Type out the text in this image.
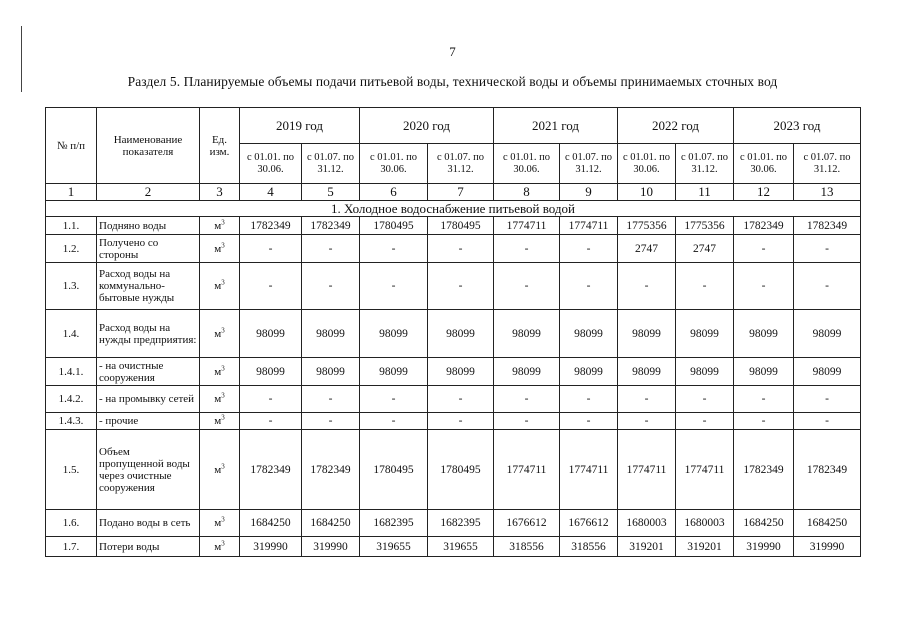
7
Раздел 5. Планируемые объемы подачи питьевой воды, технической воды и объемы принимаемых сточных вод
№ п/п	Наименование показателя	Ед. изм.	2019 год		2020 год		2021 год		2022 год		2023 год	
			с 01.01. по 30.06.	с 01.07. по 31.12.	с 01.01. по 30.06.	с 01.07. по 31.12.	с 01.01. по 30.06.	с 01.07. по 31.12.	с 01.01. по 30.06.	с 01.07. по 31.12.	с 01.01. по 30.06.	с 01.07. по 31.12.
1	2	3	4	5	6	7	8	9	10	11	12	13
1. Холодное водоснабжение питьевой водой												
1.1.	Подняно воды	$м^3$	1782349	1782349	1780495	1780495	1774711	1774711	1775356	1775356	1782349	1782349
1.2.	Получено со стороны	$м^3$	-	-	-	-	-	-	2747	2747	-	-
1.3.	Расход воды на коммунально-бытовые нужды	$м^3$	-	-	-	-	-	-	-	-	-	-
1.4.	Расход воды на нужды предприятия:	$м^3$	98099	98099	98099	98099	98099	98099	98099	98099	98099	98099
1.4.1.	- на очистные сооружения	$м^3$	98099	98099	98099	98099	98099	98099	98099	98099	98099	98099
1.4.2.	- на промывку сетей	$м^3$	-	-	-	-	-	-	-	-	-	-
1.4.3.	- прочие	$м^3$	-	-	-	-	-	-	-	-	-	-
1.5.	Объем пропущенной воды через очистные сооружения	$м^3$	1782349	1782349	1780495	1780495	1774711	1774711	1774711	1774711	1782349	1782349
1.6.	Подано воды в сеть	$м^3$	1684250	1684250	1682395	1682395	1676612	1676612	1680003	1680003	1684250	1684250
1.7.	Потери воды	$м^3$	319990	319990	319655	319655	318556	318556	319201	319201	319990	319990
